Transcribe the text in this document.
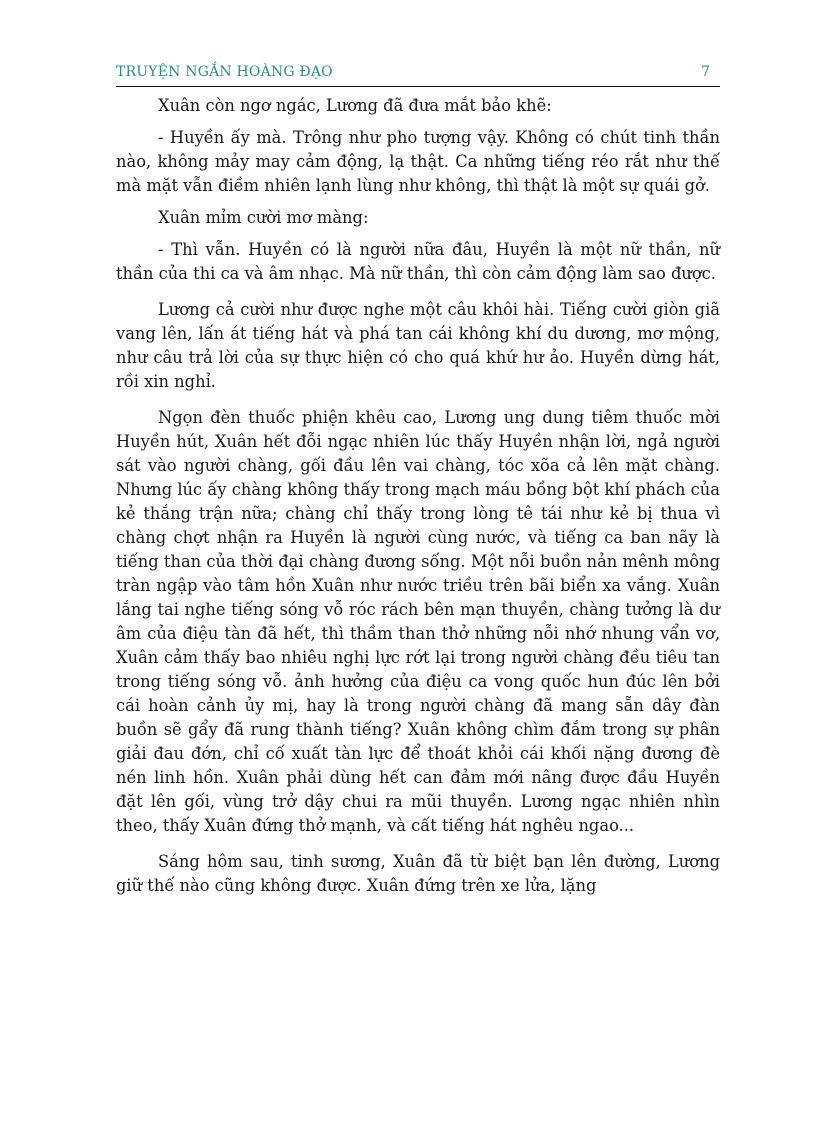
TRUYỆN NGẮN HOÀNG ĐẠO	7

Xuân còn ngơ ngác, Lương đã đưa mắt bảo khẽ:

- Huyền ấy mà. Trông như pho tượng vậy. Không có chút tinh thần nào, không mảy may cảm động, lạ thật. Ca những tiếng réo rắt như thế mà mặt vẫn điềm nhiên lạnh lùng như không, thì thật là một sự quái gở.

Xuân mỉm cười mơ màng:

- Thì vẫn. Huyền có là người nữa đâu, Huyền là một nữ thần, nữ thần của thi ca và âm nhạc. Mà nữ thần, thì còn cảm động làm sao được.

Lương cả cười như được nghe một câu khôi hài. Tiếng cười giòn giã vang lên, lấn át tiếng hát và phá tan cái không khí du dương, mơ mộng, như câu trả lời của sự thực hiện có cho quá khứ hư ảo. Huyền dừng hát, rồi xin nghỉ.

Ngọn đèn thuốc phiện khêu cao, Lương ung dung tiêm thuốc mời Huyền hút, Xuân hết đỗi ngạc nhiên lúc thấy Huyền nhận lời, ngả người sát vào người chàng, gối đầu lên vai chàng, tóc xõa cả lên mặt chàng. Nhưng lúc ấy chàng không thấy trong mạch máu bồng bột khí phách của kẻ thắng trận nữa; chàng chỉ thấy trong lòng tê tái như kẻ bị thua vì chàng chợt nhận ra Huyền là người cùng nước, và tiếng ca ban nãy là tiếng than của thời đại chàng đương sống. Một nỗi buồn nản mênh mông tràn ngập vào tâm hồn Xuân như nước triều trên bãi biển xa vắng. Xuân lắng tai nghe tiếng sóng vỗ róc rách bên mạn thuyền, chàng tưởng là dư âm của điệu tàn đã hết, thì thầm than thở những nỗi nhớ nhung vẩn vơ, Xuân cảm thấy bao nhiêu nghị lực rớt lại trong người chàng đều tiêu tan trong tiếng sóng vỗ. ảnh hưởng của điệu ca vong quốc hun đúc lên bởi cái hoàn cảnh ủy mị, hay là trong người chàng đã mang sẵn dây đàn buồn sẽ gẩy đã rung thành tiếng? Xuân không chìm đắm trong sự phân giải đau đớn, chỉ cố xuất tàn lực để thoát khỏi cái khối nặng đương đè nén linh hồn. Xuân phải dùng hết can đảm mới nâng được đầu Huyền đặt lên gối, vùng trở dậy chui ra mũi thuyền. Lương ngạc nhiên nhìn theo, thấy Xuân đứng thở mạnh, và cất tiếng hát nghêu ngao...

Sáng hôm sau, tinh sương, Xuân đã từ biệt bạn lên đường, Lương giữ thế nào cũng không được. Xuân đứng trên xe lửa, lặng
